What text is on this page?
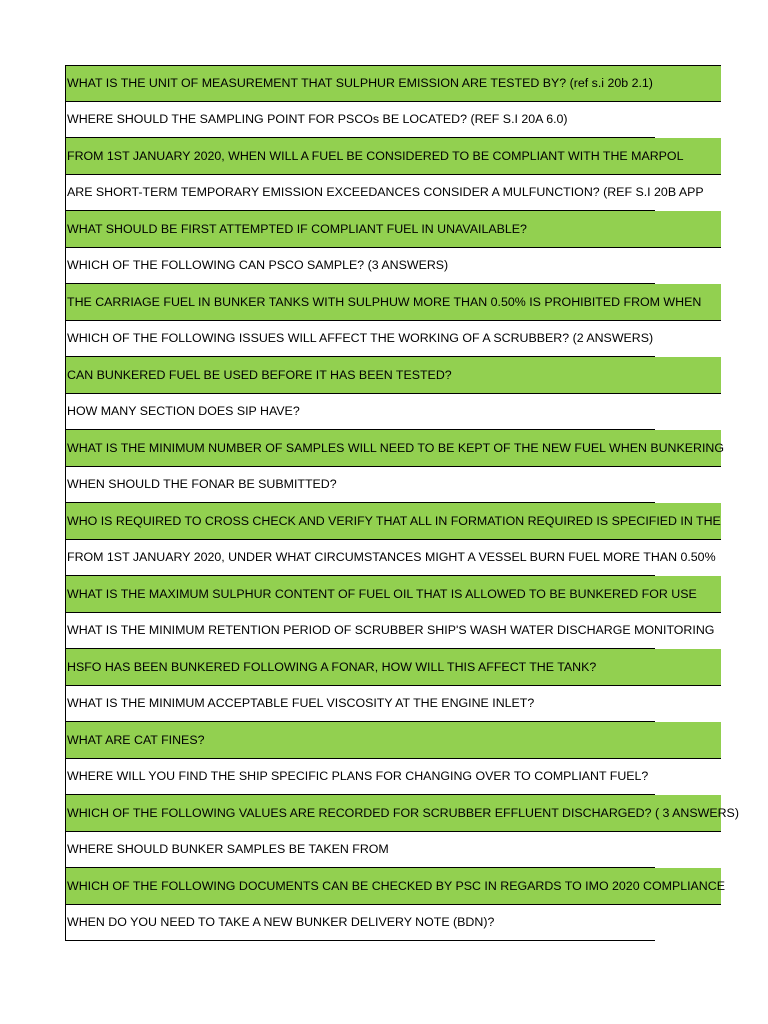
WHAT IS THE UNIT OF MEASUREMENT THAT SULPHUR EMISSION ARE TESTED BY? (ref s.i 20b 2.1)
WHERE SHOULD THE SAMPLING POINT FOR PSCOs BE LOCATED? (REF S.I 20A 6.0)
FROM 1ST JANUARY 2020, WHEN WILL A FUEL BE CONSIDERED TO BE COMPLIANT WITH THE MARPOL
ARE SHORT-TERM TEMPORARY EMISSION EXCEEDANCES CONSIDER A MULFUNCTION? (REF S.I 20B APP
WHAT SHOULD BE FIRST ATTEMPTED IF COMPLIANT FUEL IN UNAVAILABLE?
WHICH OF THE FOLLOWING CAN PSCO SAMPLE? (3 ANSWERS)
THE CARRIAGE FUEL IN BUNKER TANKS WITH SULPHUW MORE THAN 0.50% IS PROHIBITED FROM WHEN
WHICH OF THE FOLLOWING ISSUES WILL AFFECT THE WORKING OF A SCRUBBER? (2 ANSWERS)
CAN BUNKERED FUEL BE USED BEFORE IT HAS BEEN TESTED?
HOW MANY SECTION DOES SIP HAVE?
WHAT IS THE MINIMUM NUMBER OF SAMPLES WILL NEED TO BE KEPT OF THE NEW FUEL WHEN BUNKERING
WHEN SHOULD THE FONAR BE SUBMITTED?
WHO IS REQUIRED TO CROSS CHECK AND VERIFY THAT ALL IN FORMATION REQUIRED IS SPECIFIED IN THE
FROM 1ST JANUARY 2020, UNDER WHAT CIRCUMSTANCES MIGHT A VESSEL BURN FUEL MORE THAN 0.50%
WHAT IS THE MAXIMUM SULPHUR CONTENT OF FUEL OIL THAT IS ALLOWED TO BE BUNKERED FOR USE
WHAT IS THE MINIMUM RETENTION PERIOD OF SCRUBBER SHIP'S WASH WATER DISCHARGE MONITORING
HSFO HAS BEEN BUNKERED FOLLOWING A FONAR, HOW WILL THIS AFFECT THE TANK?
WHAT IS THE MINIMUM ACCEPTABLE FUEL VISCOSITY AT THE ENGINE INLET?
WHAT ARE CAT FINES?
WHERE WILL YOU FIND THE SHIP SPECIFIC PLANS FOR CHANGING OVER TO COMPLIANT FUEL?
WHICH OF THE FOLLOWING VALUES ARE RECORDED FOR SCRUBBER EFFLUENT DISCHARGED? ( 3 ANSWERS)
WHERE SHOULD BUNKER SAMPLES BE TAKEN FROM
WHICH OF THE FOLLOWING DOCUMENTS CAN BE CHECKED BY PSC IN REGARDS TO IMO 2020 COMPLIANCE
WHEN DO YOU NEED TO TAKE A NEW BUNKER DELIVERY NOTE (BDN)?
